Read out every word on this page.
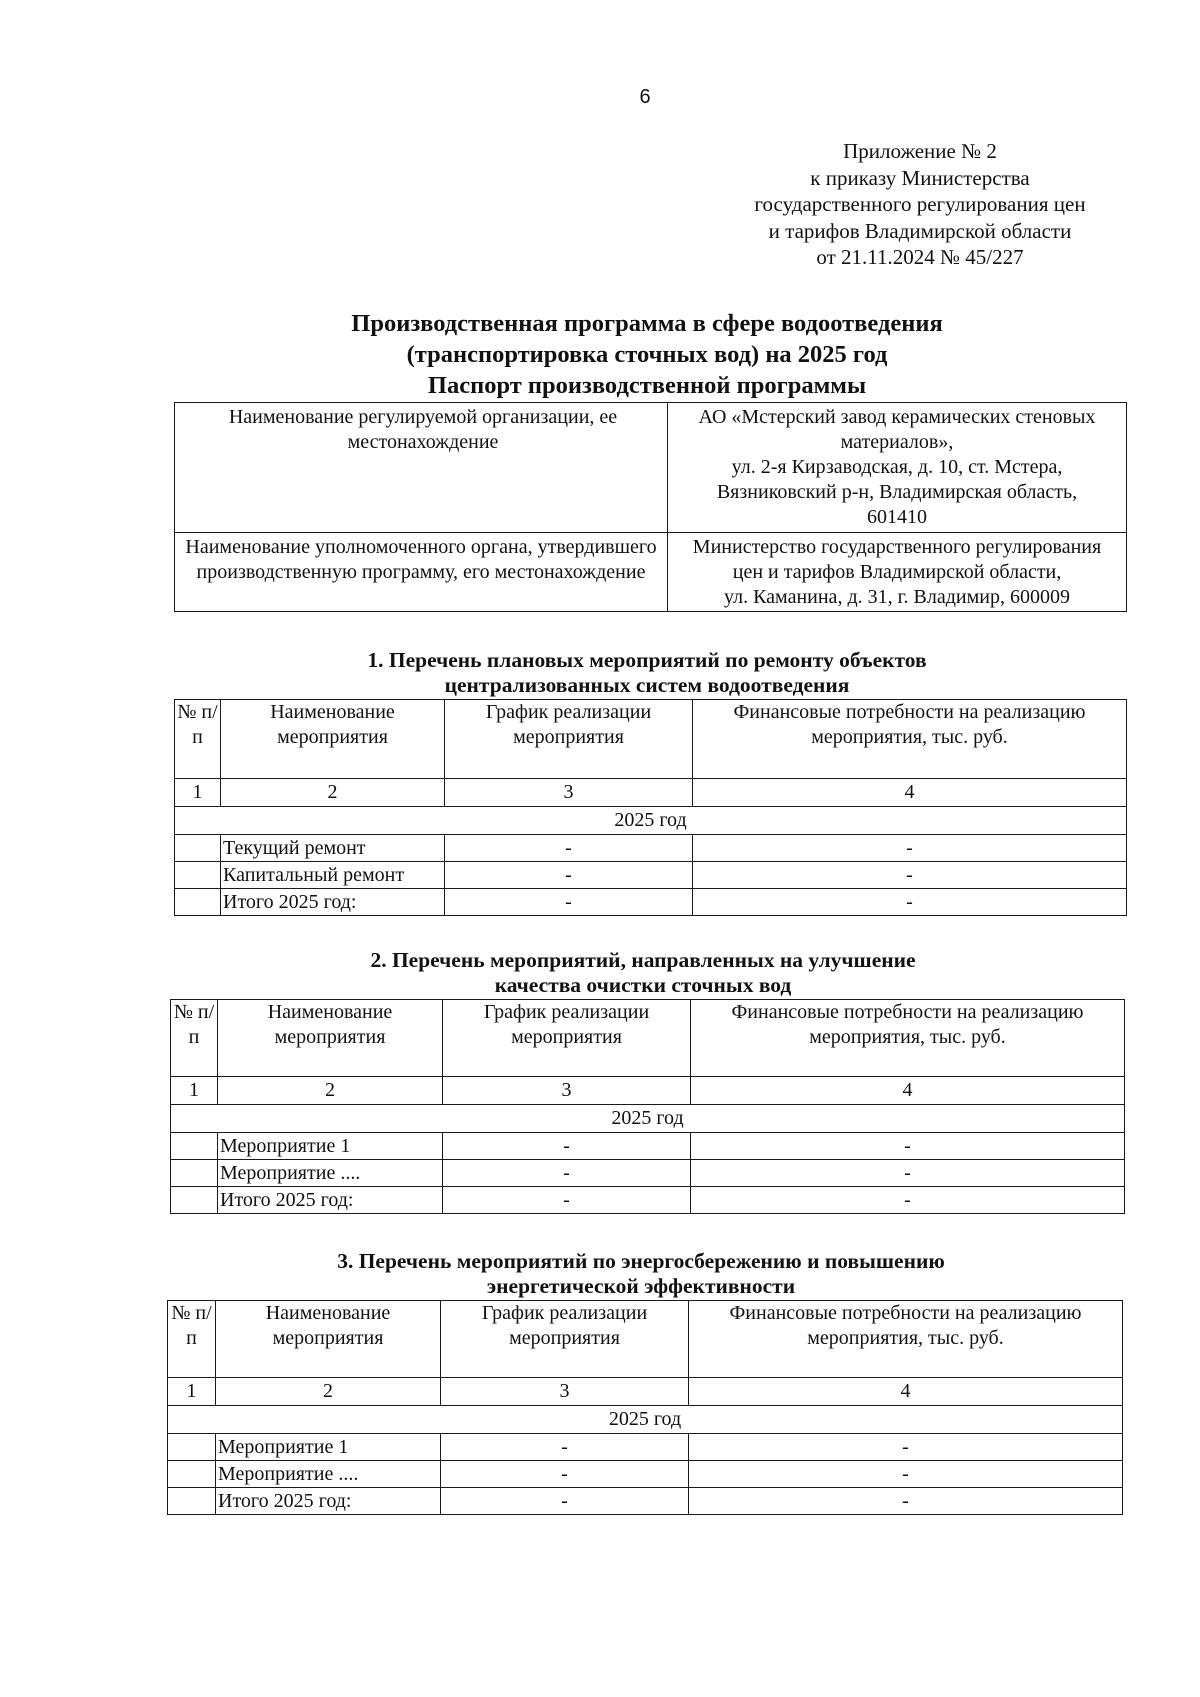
6
Приложение № 2
к приказу Министерства
государственного регулирования цен
и тарифов Владимирской области
от 21.11.2024 № 45/227
Производственная программа в сфере водоотведения
(транспортировка сточных вод) на 2025 год
Паспорт производственной программы
Наименование регулируемой организации, ее местонахождение	АО «Мстерский завод керамических стеновых
материалов»,
ул. 2-я Кирзаводская, д. 10, ст. Мстера,
Вязниковский р-н, Владимирская область,
601410

Наименование уполномоченного органа, утвердившего производственную программу, его местонахождение	Министерство государственного регулирования
цен и тарифов Владимирской области,
ул. Каманина, д. 31, г. Владимир, 600009
1. Перечень плановых мероприятий по ремонту объектов
централизованных систем водоотведения
№ п/п	Наименование мероприятия	График реализации мероприятия	Финансовые потребности на реализацию мероприятия, тыс. руб.
1	2	3	4
2025 год			
	Текущий ремонт	-	-
	Капитальный ремонт	-	-
	Итого 2025 год:	-	-
2. Перечень мероприятий, направленных на улучшение
качества очистки сточных вод
№ п/п	Наименование мероприятия	График реализации мероприятия	Финансовые потребности на реализацию мероприятия, тыс. руб.
1	2	3	4
2025 год			
	Мероприятие 1	-	-
	Мероприятие ....	-	-
	Итого 2025 год:	-	-
3. Перечень мероприятий по энергосбережению и повышению
энергетической эффективности
№ п/п	Наименование мероприятия	График реализации мероприятия	Финансовые потребности на реализацию мероприятия, тыс. руб.
1	2	3	4
2025 год			
	Мероприятие 1	-	-
	Мероприятие ....	-	-
	Итого 2025 год:	-	-
